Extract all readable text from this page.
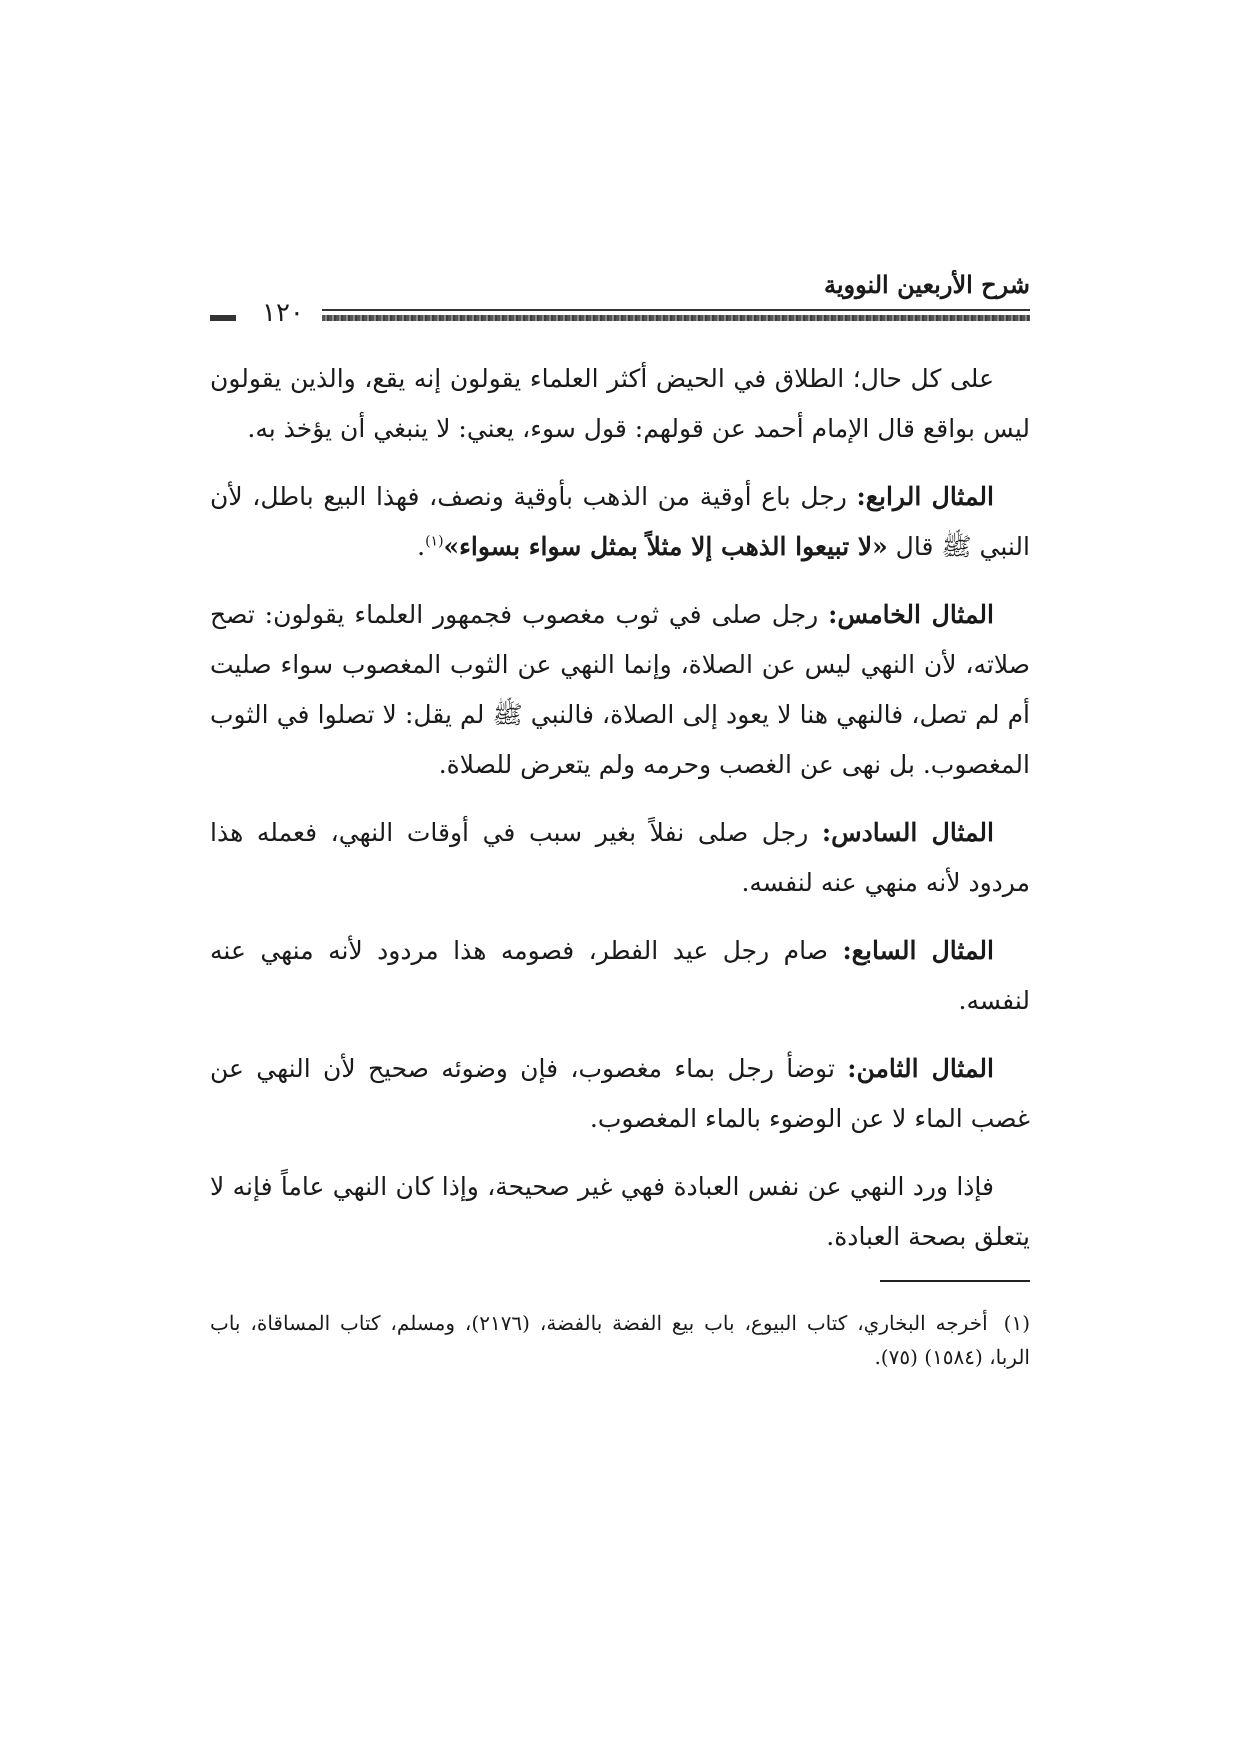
شرح الأربعين النووية
١٢٠

على كل حال؛ الطلاق في الحيض أكثر العلماء يقولون إنه يقع، والذين يقولون ليس بواقع قال الإمام أحمد عن قولهم: قول سوء، يعني: لا ينبغي أن يؤخذ به.

المثال الرابع: رجل باع أوقية من الذهب بأوقية ونصف، فهذا البيع باطل، لأن النبي ﷺ قال «لا تبيعوا الذهب إلا مثلاً بمثل سواء بسواء»$^{(١)}$.

المثال الخامس: رجل صلى في ثوب مغصوب فجمهور العلماء يقولون: تصح صلاته، لأن النهي ليس عن الصلاة، وإنما النهي عن الثوب المغصوب سواء صليت أم لم تصل، فالنهي هنا لا يعود إلى الصلاة، فالنبي ﷺ لم يقل: لا تصلوا في الثوب المغصوب. بل نهى عن الغصب وحرمه ولم يتعرض للصلاة.

المثال السادس: رجل صلى نفلاً بغير سبب في أوقات النهي، فعمله هذا مردود لأنه منهي عنه لنفسه.

المثال السابع: صام رجل عيد الفطر، فصومه هذا مردود لأنه منهي عنه لنفسه.

المثال الثامن: توضأ رجل بماء مغصوب، فإن وضوئه صحيح لأن النهي عن غصب الماء لا عن الوضوء بالماء المغصوب.

فإذا ورد النهي عن نفس العبادة فهي غير صحيحة، وإذا كان النهي عاماً فإنه لا يتعلق بصحة العبادة.

(١)أخرجه البخاري، كتاب البيوع، باب بيع الفضة بالفضة، (٢١٧٦)، ومسلم، كتاب المساقاة، باب الربا، (١٥٨٤) (٧٥).
